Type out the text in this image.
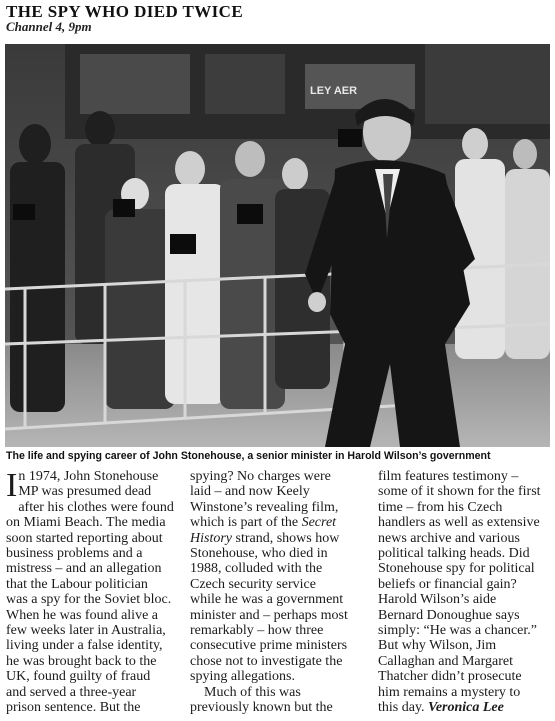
THE SPY WHO DIED TWICE
Channel 4, 9pm
LEY AER
The life and spying career of John Stonehouse, a senior minister in Harold Wilson’s government
I n 1974, John Stonehouse
MP was presumed dead
after his clothes were found
on Miami Beach. The media
soon started reporting about
business problems and a
mistress – and an allegation
that the Labour politician
was a spy for the Soviet bloc.
When he was found alive a
few weeks later in Australia,
living under a false identity,
he was brought back to the
UK, found guilty of fraud
and served a three-year
prison sentence. But the
spying? No charges were
laid – and now Keely
Winstone’s revealing film,
which is part of the Secret
History strand, shows how
Stonehouse, who died in
1988, colluded with the
Czech security service
while he was a government
minister and – perhaps most
remarkably – how three
consecutive prime ministers
chose not to investigate the
spying allegations.
Much of this was
previously known but the
film features testimony –
some of it shown for the first
time – from his Czech
handlers as well as extensive
news archive and various
political talking heads. Did
Stonehouse spy for political
beliefs or financial gain?
Harold Wilson’s aide
Bernard Donoughue says
simply: “He was a chancer.”
But why Wilson, Jim
Callaghan and Margaret
Thatcher didn’t prosecute
him remains a mystery to
this day. Veronica Lee
